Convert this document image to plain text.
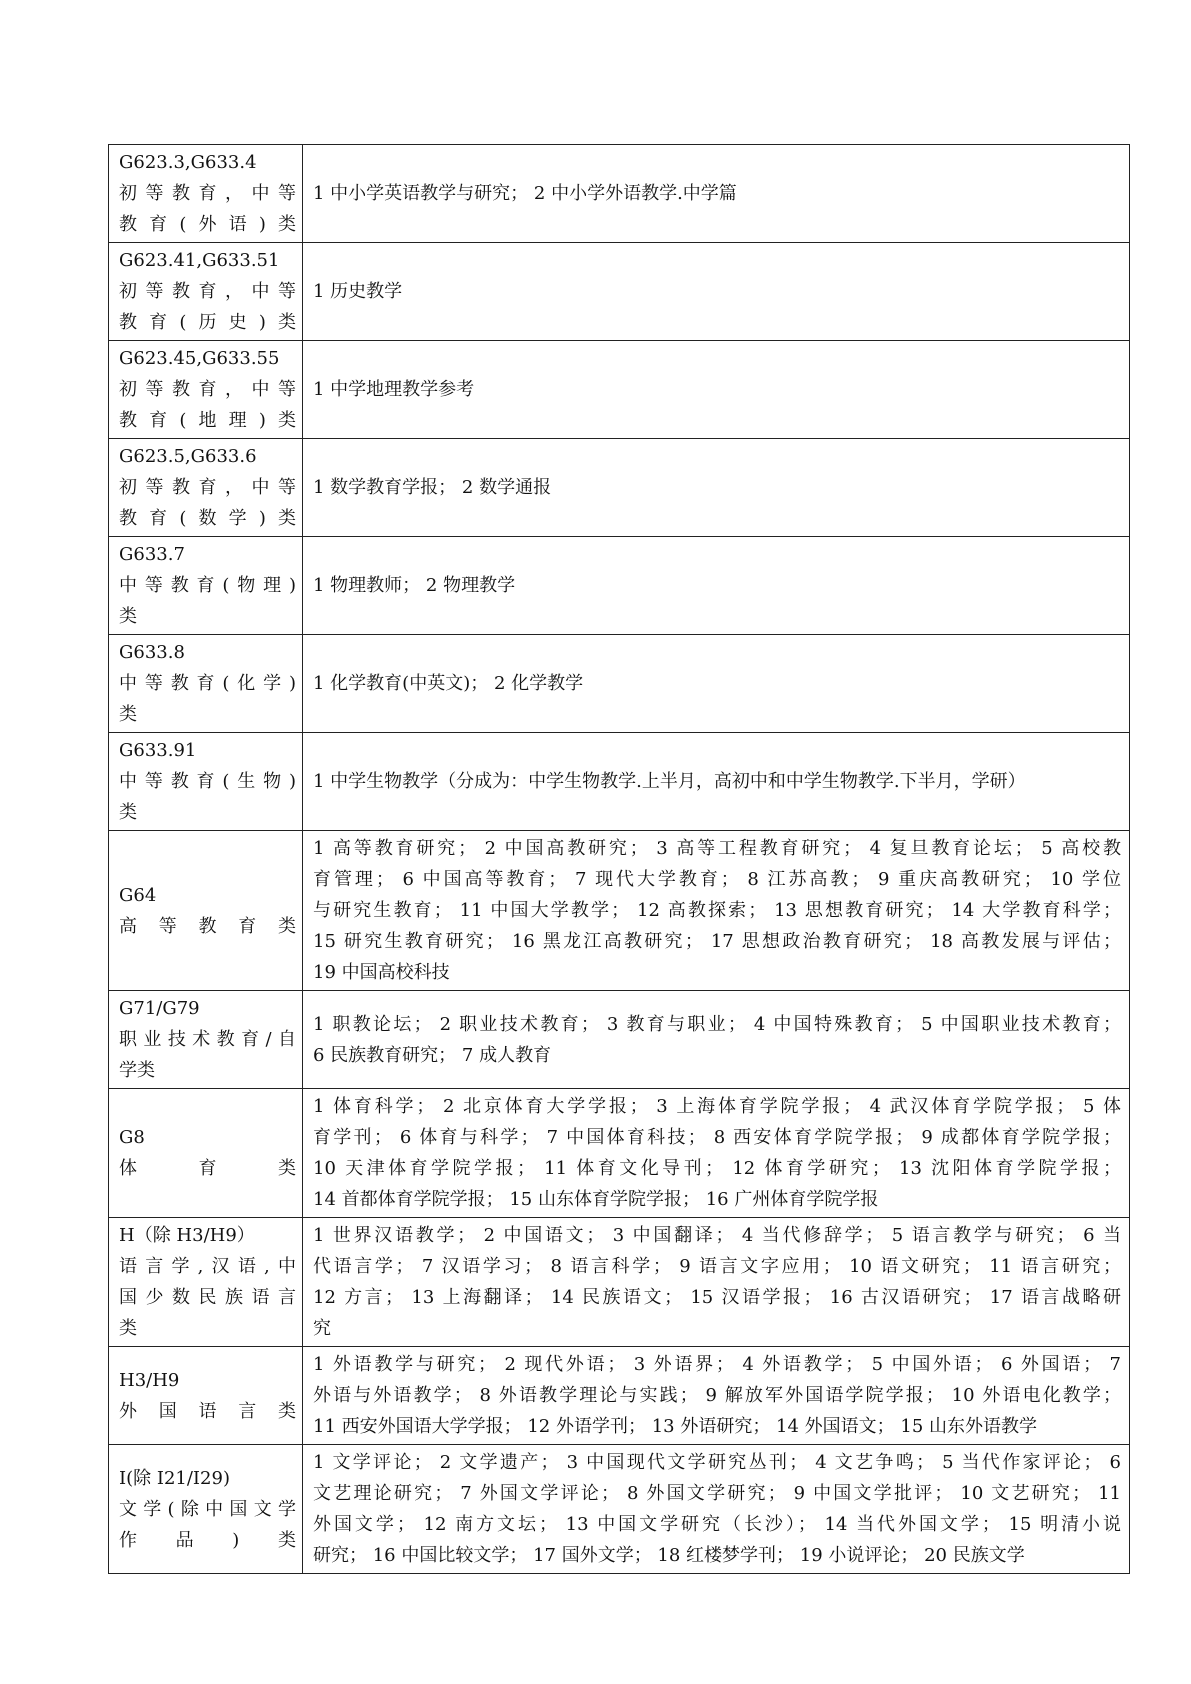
G623.3,G633.4
初等教育，中等
教育(外语)类	1 中小学英语教学与研究； 2 中小学外语教学.中学篇

G623.41,G633.51
初等教育，中等
教育(历史)类	1 历史教学

G623.45,G633.55
初等教育，中等
教育(地理)类	1 中学地理教学参考

G623.5,G633.6
初等教育，中等
教育(数学)类	1 数学教育学报； 2 数学通报

G633.7
中等教育(物理)
类	1 物理教师； 2 物理教学

G633.8
中等教育(化学)
类	1 化学教育(中英文)； 2 化学教学

G633.91
中等教育(生物)
类	1 中学生物教学（分成为：中学生物教学.上半月，高初中和中学生物教学.下半月，学研）

G64
高等教育类	1 高等教育研究； 2 中国高教研究； 3 高等工程教育研究； 4 复旦教育论坛； 5 高校教
育管理； 6 中国高等教育； 7 现代大学教育； 8 江苏高教； 9 重庆高教研究； 10 学位
与研究生教育； 11 中国大学教学； 12 高教探索； 13 思想教育研究； 14 大学教育科学；
15 研究生教育研究； 16 黑龙江高教研究； 17 思想政治教育研究； 18 高教发展与评估；
19 中国高校科技

G71/G79
职业技术教育/自
学类	1 职教论坛； 2 职业技术教育； 3 教育与职业； 4 中国特殊教育； 5 中国职业技术教育；
6 民族教育研究； 7 成人教育

G8
体育类	1 体育科学； 2 北京体育大学学报； 3 上海体育学院学报； 4 武汉体育学院学报； 5 体
育学刊； 6 体育与科学； 7 中国体育科技； 8 西安体育学院学报； 9 成都体育学院学报；
10 天津体育学院学报； 11 体育文化导刊； 12 体育学研究； 13 沈阳体育学院学报；
14 首都体育学院学报； 15 山东体育学院学报； 16 广州体育学院学报

H（除 H3/H9）
语言学,汉语,中
国少数民族语言
类	1 世界汉语教学； 2 中国语文； 3 中国翻译； 4 当代修辞学； 5 语言教学与研究； 6 当
代语言学； 7 汉语学习； 8 语言科学； 9 语言文字应用； 10 语文研究； 11 语言研究；
12 方言； 13 上海翻译； 14 民族语文； 15 汉语学报； 16 古汉语研究； 17 语言战略研
究

H3/H9
外国语言类	1 外语教学与研究； 2 现代外语； 3 外语界； 4 外语教学； 5 中国外语； 6 外国语； 7
外语与外语教学； 8 外语教学理论与实践； 9 解放军外国语学院学报； 10 外语电化教学；
11 西安外国语大学学报； 12 外语学刊； 13 外语研究； 14 外国语文； 15 山东外语教学

I(除 I21/I29)
文学(除中国文学
作品)类	1 文学评论； 2 文学遗产； 3 中国现代文学研究丛刊； 4 文艺争鸣； 5 当代作家评论； 6
文艺理论研究； 7 外国文学评论； 8 外国文学研究； 9 中国文学批评； 10 文艺研究； 11
外国文学； 12 南方文坛； 13 中国文学研究（长沙）； 14 当代外国文学； 15 明清小说
研究； 16 中国比较文学； 17 国外文学； 18 红楼梦学刊； 19 小说评论； 20 民族文学
